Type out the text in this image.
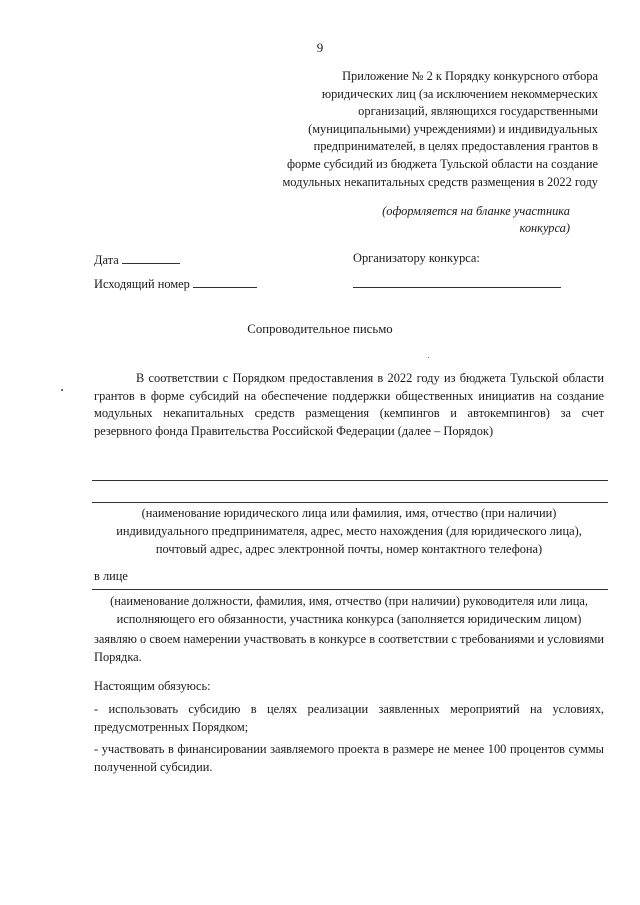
9
Приложение № 2 к Порядку конкурсного отбора
юридических лиц (за исключением некоммерческих
организаций, являющихся государственными
(муниципальными) учреждениями) и индивидуальных
предпринимателей, в целях предоставления грантов в
форме субсидий из бюджета Тульской области на создание
модульных некапитальных средств размещения в 2022 году
(оформляется на бланке участника
конкурса)
Дата	Организатору конкурса:
Исходящий номер
Сопроводительное письмо
В соответствии с Порядком предоставления в 2022 году из бюджета Тульской области грантов в форме субсидий на обеспечение поддержки общественных инициатив на создание модульных некапитальных средств размещения (кемпингов и автокемпингов) за счет резервного фонда Правительства Российской Федерации (далее – Порядок)
(наименование юридического лица или фамилия, имя, отчество (при наличии)
индивидуального предпринимателя, адрес, место нахождения (для юридического лица),
почтовый адрес, адрес электронной почты, номер контактного телефона)
в лице
(наименование должности, фамилия, имя, отчество (при наличии) руководителя или лица,
исполняющего его обязанности, участника конкурса (заполняется юридическим лицом)
заявляю о своем намерении участвовать в конкурсе в соответствии с требованиями и условиями Порядка.
Настоящим обязуюсь:
- использовать субсидию в целях реализации заявленных мероприятий на условиях, предусмотренных Порядком;
- участвовать в финансировании заявляемого проекта в размере не менее 100 процентов суммы полученной субсидии.
